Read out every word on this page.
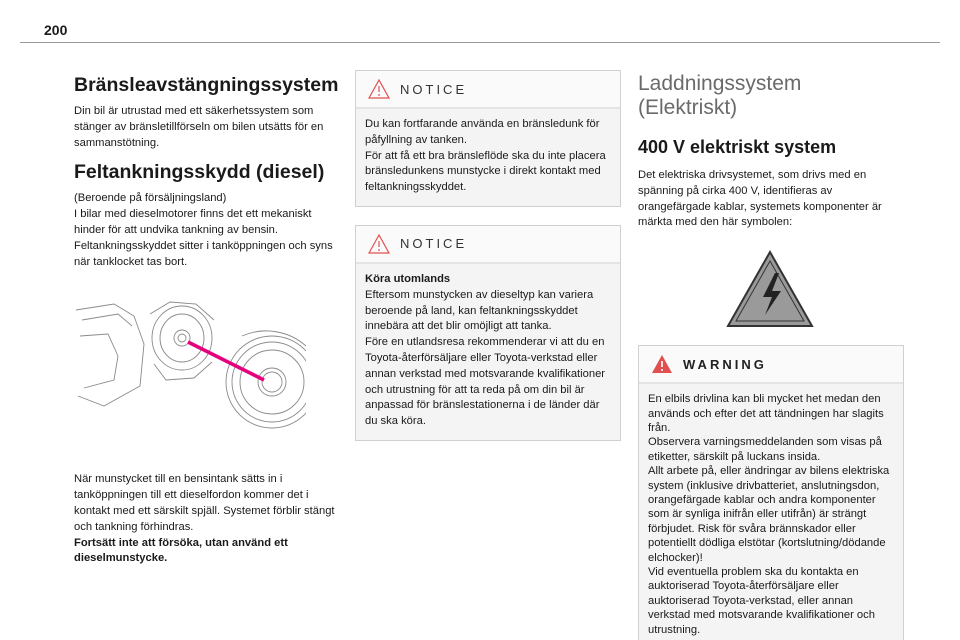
200
Bränsleavstängningssystem

Din bil är utrustad med ett säkerhetssystem som stänger av bränsletillförseln om bilen utsätts för en sammanstötning.

Feltankningsskydd (diesel)

(Beroende på försäljningsland)
I bilar med dieselmotorer finns det ett mekaniskt hinder för att undvika tankning av bensin. Feltankningsskyddet sitter i tanköppningen och syns när tanklocket tas bort.

När munstycket till en bensintank sätts in i tanköppningen till ett dieselfordon kommer det i kontakt med ett särskilt spjäll. Systemet förblir stängt och tankning förhindras.
Fortsätt inte att försöka, utan använd ett dieselmunstycke.

NOTICE
Du kan fortfarande använda en bränsledunk för påfyllning av tanken.
För att få ett bra bränsleflöde ska du inte placera bränsledunkens munstycke i direkt kontakt med feltankningsskyddet.
NOTICE
Köra utomlands
Eftersom munstycken av dieseltyp kan variera beroende på land, kan feltankningsskyddet innebära att det blir omöjligt att tanka.
Före en utlandsresa rekommenderar vi att du en Toyota-återförsäljare eller Toyota-verkstad eller annan verkstad med motsvarande kvalifikationer och utrustning för att ta reda på om din bil är anpassad för bränslestationerna i de länder där du ska köra.
Laddningssystem
(Elektriskt)
400 V elektriskt system

Det elektriska drivsystemet, som drivs med en spänning på cirka 400 V, identifieras av orangefärgade kablar, systemets komponenter är märkta med den här symbolen:

WARNING
En elbils drivlina kan bli mycket het medan den används och efter det att tändningen har slagits från.
Observera varningsmeddelanden som visas på etiketter, särskilt på luckans insida.
Allt arbete på, eller ändringar av bilens elektriska system (inklusive drivbatteriet, anslutningsdon, orangefärgade kablar och andra komponenter som är synliga inifrån eller utifrån) är strängt förbjudet. Risk för svåra brännskador eller potentiellt dödliga elstötar (kortslutning/dödande elchocker)!
Vid eventuella problem ska du kontakta en auktoriserad Toyota-återförsäljare eller auktoriserad Toyota-verkstad, eller annan verkstad med motsvarande kvalifikationer och utrustning.
